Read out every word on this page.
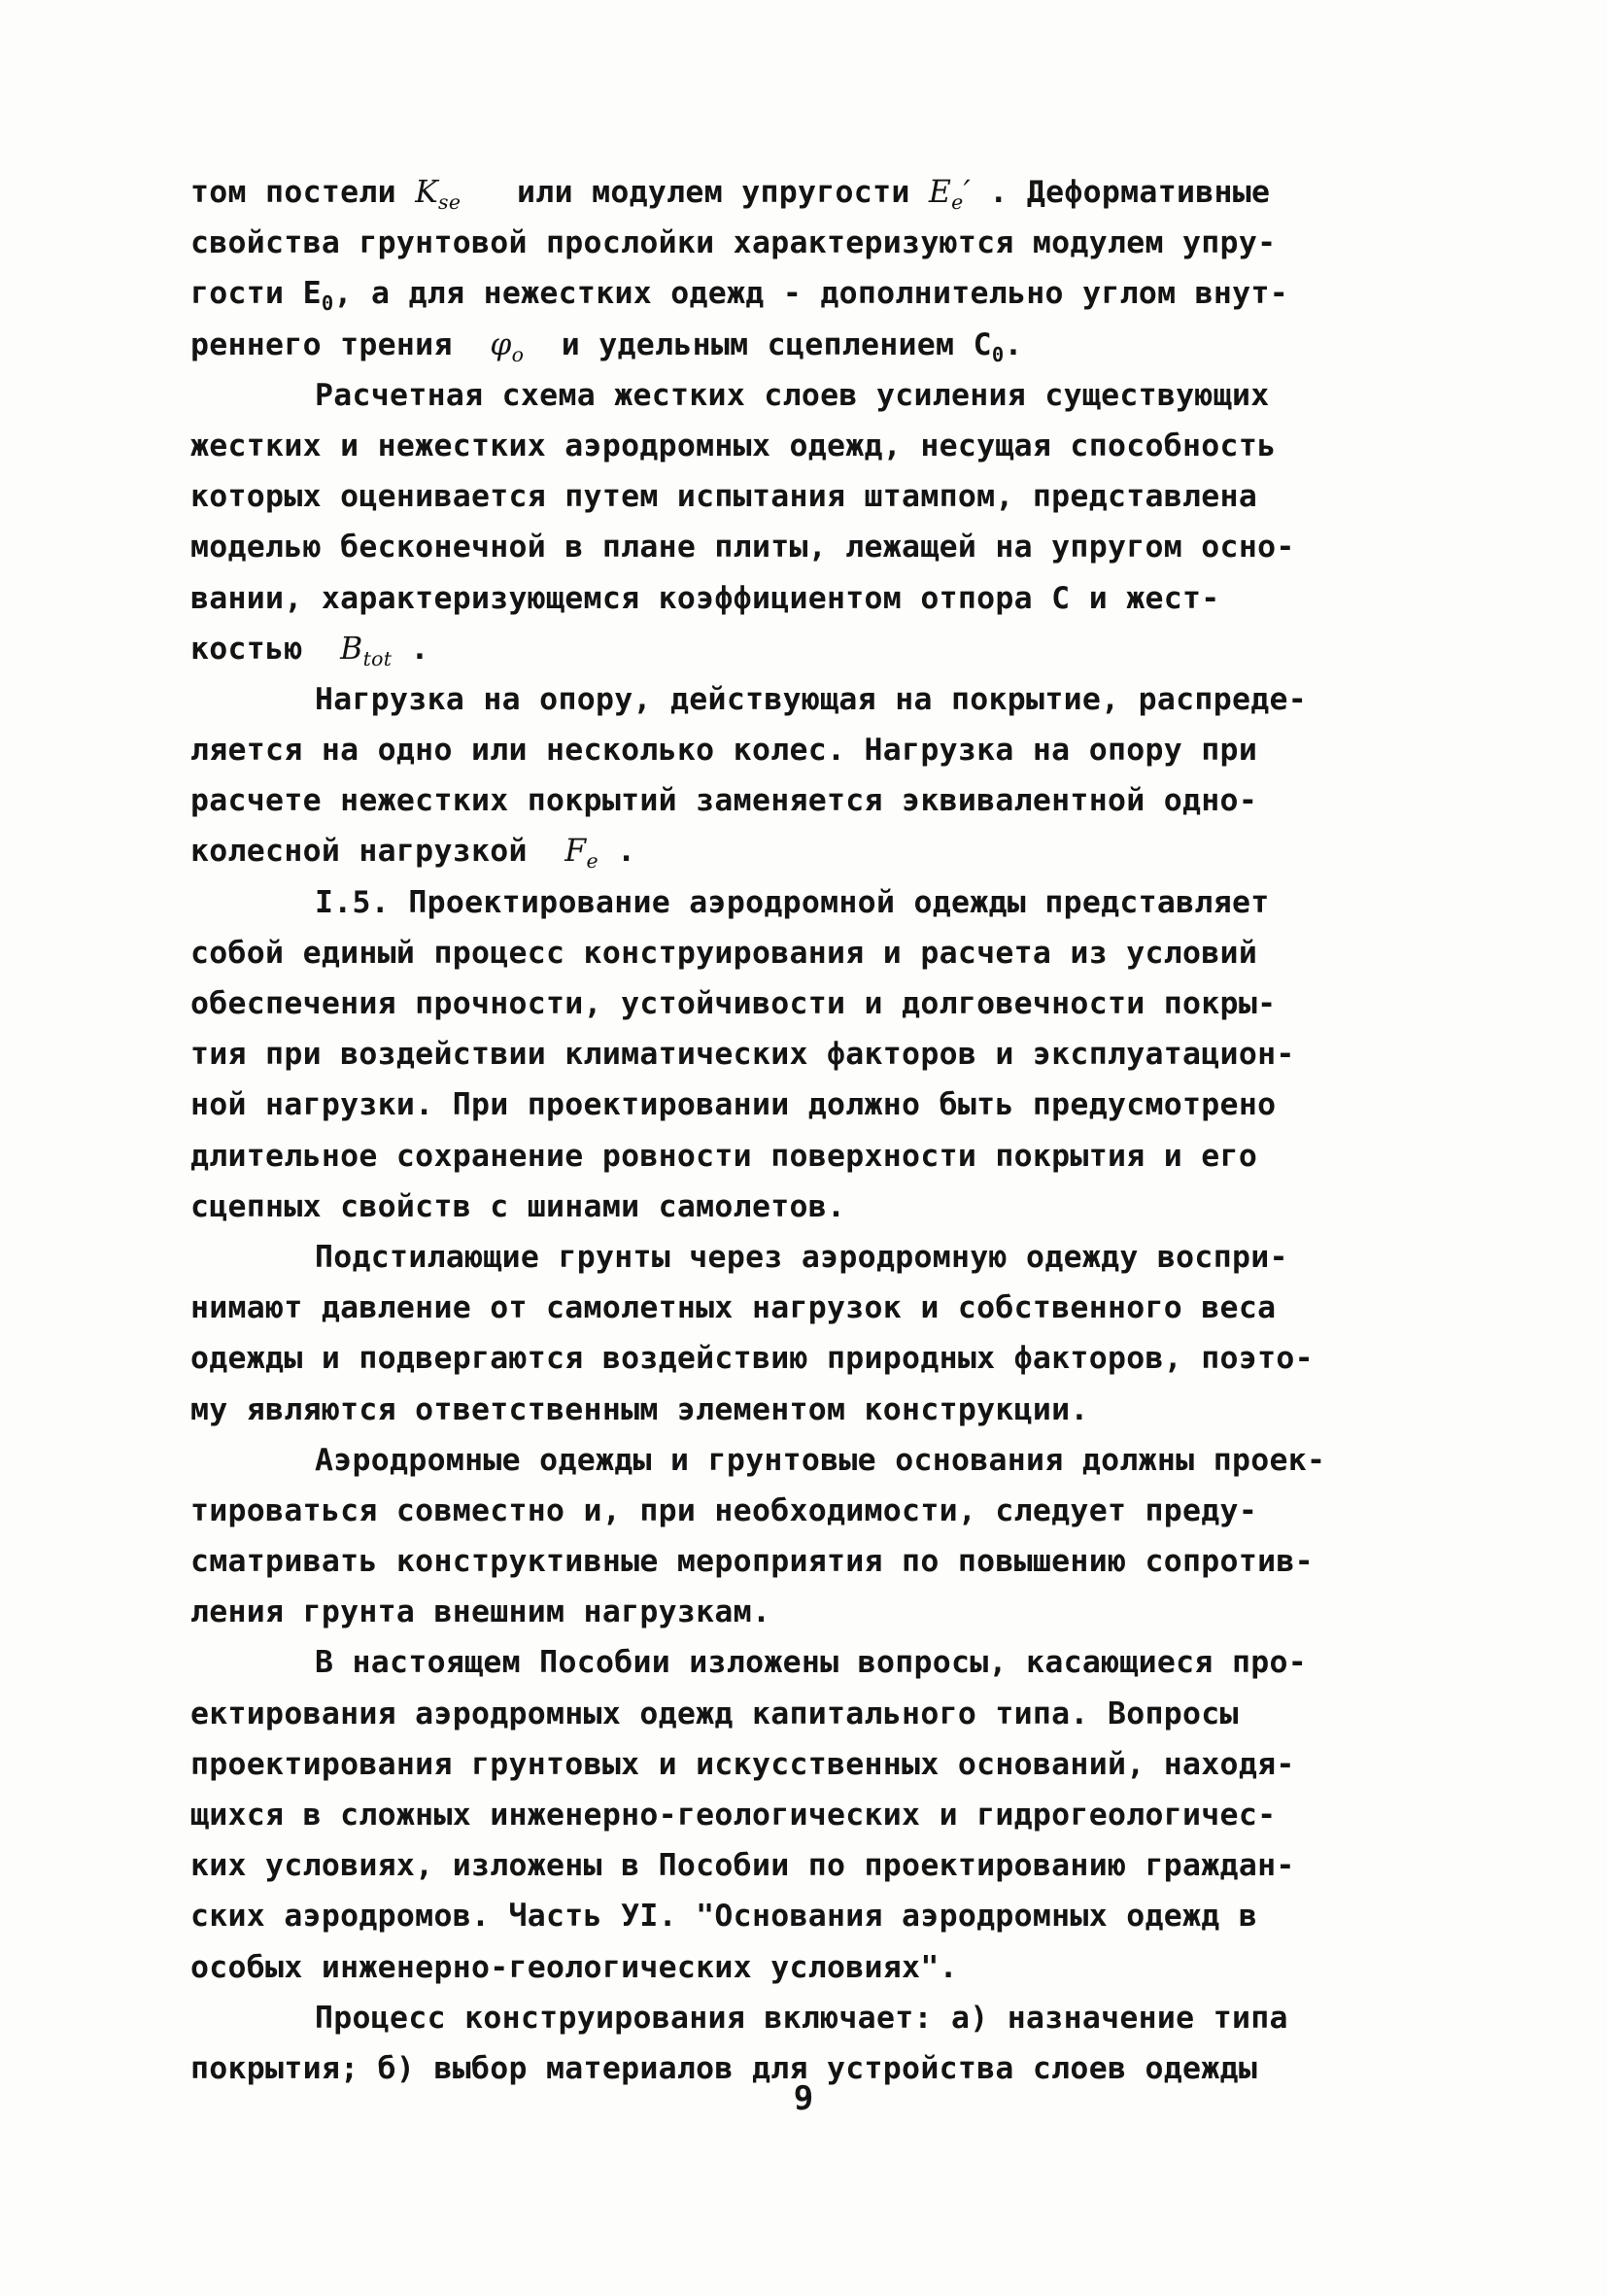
том постели $K_{se}$   или модулем упругости $E_e'$ . Деформативные
свойства грунтовой прослойки характеризуются модулем упру-
гости $E_0$, а для нежестких одежд - дополнительно углом внут-
реннего трения  $\varphi_o$  и удельным сцеплением $C_0$.
Расчетная схема жестких слоев усиления существующих
жестких и нежестких аэродромных одежд, несущая способность
которых оценивается путем испытания штампом, представлена
моделью бесконечной в плане плиты, лежащей на упругом осно-
вании, характеризующемся коэффициентом отпора C и жест-
костью  $B_{tot}$ .
Нагрузка на опору, действующая на покрытие, распреде-
ляется на одно или несколько колес. Нагрузка на опору при
расчете нежестких покрытий заменяется эквивалентной одно-
колесной нагрузкой  $F_e$ .
I.5. Проектирование аэродромной одежды представляет
собой единый процесс конструирования и расчета из условий
обеспечения прочности, устойчивости и долговечности покры-
тия при воздействии климатических факторов и эксплуатацион-
ной нагрузки. При проектировании должно быть предусмотрено
длительное сохранение ровности поверхности покрытия и его
сцепных свойств с шинами самолетов.
Подстилающие грунты через аэродромную одежду воспри-
нимают давление от самолетных нагрузок и собственного веса
одежды и подвергаются воздействию природных факторов, поэто-
му являются ответственным элементом конструкции.
Аэродромные одежды и грунтовые основания должны проек-
тироваться совместно и, при необходимости, следует преду-
сматривать конструктивные мероприятия по повышению сопротив-
ления грунта внешним нагрузкам.
В настоящем Пособии изложены вопросы, касающиеся про-
ектирования аэродромных одежд капитального типа. Вопросы
проектирования грунтовых и искусственных оснований, находя-
щихся в сложных инженерно-геологических и гидрогеологичес-
ких условиях, изложены в Пособии по проектированию граждан-
ских аэродромов. Часть УI. "Основания аэродромных одежд в
особых инженерно-геологических условиях".
Процесс конструирования включает: а) назначение типа
покрытия; б) выбор материалов для устройства слоев одежды
9
